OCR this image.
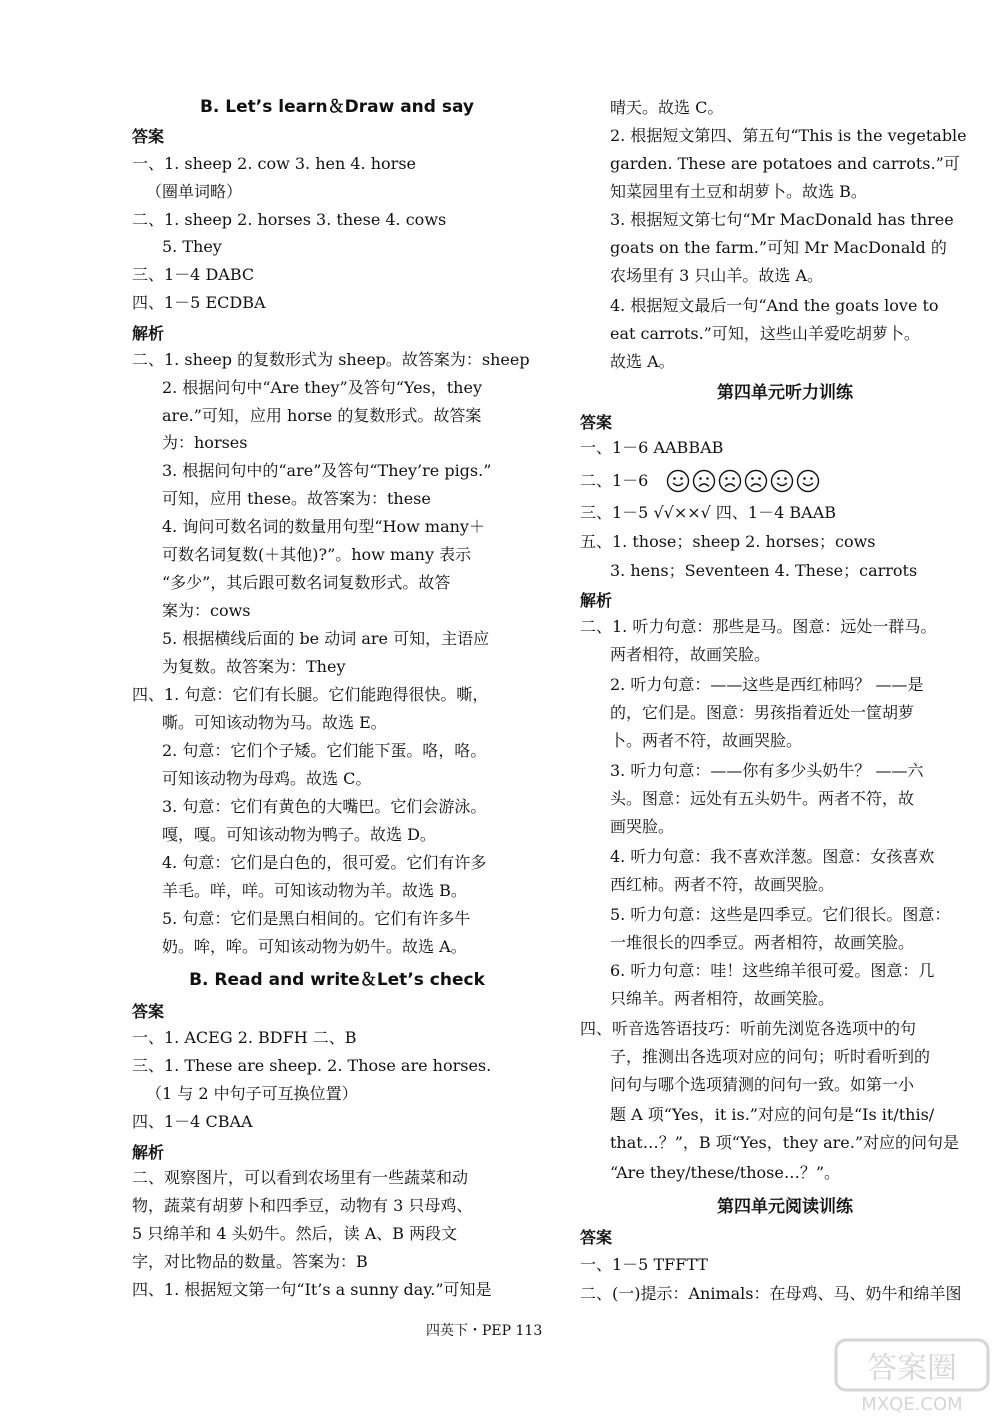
B. Let’s learn＆Draw and say
答案
一、1. sheep 2. cow 3. hen 4. horse
（圈单词略）
二、1. sheep 2. horses 3. these 4. cows
5. They
三、1－4 DABC
四、1－5 ECDBA
解析
二、1. sheep 的复数形式为 sheep。故答案为：sheep
2. 根据问句中“Are they”及答句“Yes，they
are.”可知，应用 horse 的复数形式。故答案
为：horses
3. 根据问句中的“are”及答句“They’re pigs.”
可知，应用 these。故答案为：these
4. 询问可数名词的数量用句型“How many＋
可数名词复数(＋其他)?”。how many 表示
“多少”，其后跟可数名词复数形式。故答
案为：cows
5. 根据横线后面的 be 动词 are 可知，主语应
为复数。故答案为：They
四、1. 句意：它们有长腿。它们能跑得很快。嘶，
嘶。可知该动物为马。故选 E。
2. 句意：它们个子矮。它们能下蛋。咯，咯。
可知该动物为母鸡。故选 C。
3. 句意：它们有黄色的大嘴巴。它们会游泳。
嘎，嘎。可知该动物为鸭子。故选 D。
4. 句意：它们是白色的，很可爱。它们有许多
羊毛。咩，咩。可知该动物为羊。故选 B。
5. 句意：它们是黑白相间的。它们有许多牛
奶。哞，哞。可知该动物为奶牛。故选 A。
B. Read and write＆Let’s check
答案
一、1. ACEG 2. BDFH 二、B
三、1. These are sheep. 2. Those are horses.
（1 与 2 中句子可互换位置）
四、1－4 CBAA
解析
二、观察图片，可以看到农场里有一些蔬菜和动
物，蔬菜有胡萝卜和四季豆，动物有 3 只母鸡、
5 只绵羊和 4 头奶牛。然后，读 A、B 两段文
字，对比物品的数量。答案为：B
四、1. 根据短文第一句“It’s a sunny day.”可知是
晴天。故选 C。
2. 根据短文第四、第五句“This is the vegetable
garden. These are potatoes and carrots.”可
知菜园里有土豆和胡萝卜。故选 B。
3. 根据短文第七句“Mr MacDonald has three
goats on the farm.”可知 Mr MacDonald 的
农场里有 3 只山羊。故选 A。
4. 根据短文最后一句“And the goats love to
eat carrots.”可知，这些山羊爱吃胡萝卜。
故选 A。
第四单元听力训练
答案
一、1－6 AABBAB
二、1－6
三、1－5 √√××√ 四、1－4 BAAB
五、1. those；sheep 2. horses；cows
3. hens；Seventeen 4. These；carrots
解析
二、1. 听力句意：那些是马。图意：远处一群马。
两者相符，故画笑脸。
2. 听力句意：——这些是西红柿吗？ ——是
的，它们是。图意：男孩指着近处一筐胡萝
卜。两者不符，故画哭脸。
3. 听力句意：——你有多少头奶牛？ ——六
头。图意：远处有五头奶牛。两者不符，故
画哭脸。
4. 听力句意：我不喜欢洋葱。图意：女孩喜欢
西红柿。两者不符，故画哭脸。
5. 听力句意：这些是四季豆。它们很长。图意：
一堆很长的四季豆。两者相符，故画笑脸。
6. 听力句意：哇！这些绵羊很可爱。图意：几
只绵羊。两者相符，故画笑脸。
四、听音选答语技巧：听前先浏览各选项中的句
子，推测出各选项对应的问句；听时看听到的
问句与哪个选项猜测的问句一致。如第一小
题 A 项“Yes，it is.”对应的问句是“Is it/this/
that…？”，B 项“Yes，they are.”对应的问句是
“Are they/these/those…？”。
第四单元阅读训练
答案
一、1－5 TFFTT
二、(一)提示：Animals：在母鸡、马、奶牛和绵羊图
四英下・PEP 113
答案圈
MXQE.COM
